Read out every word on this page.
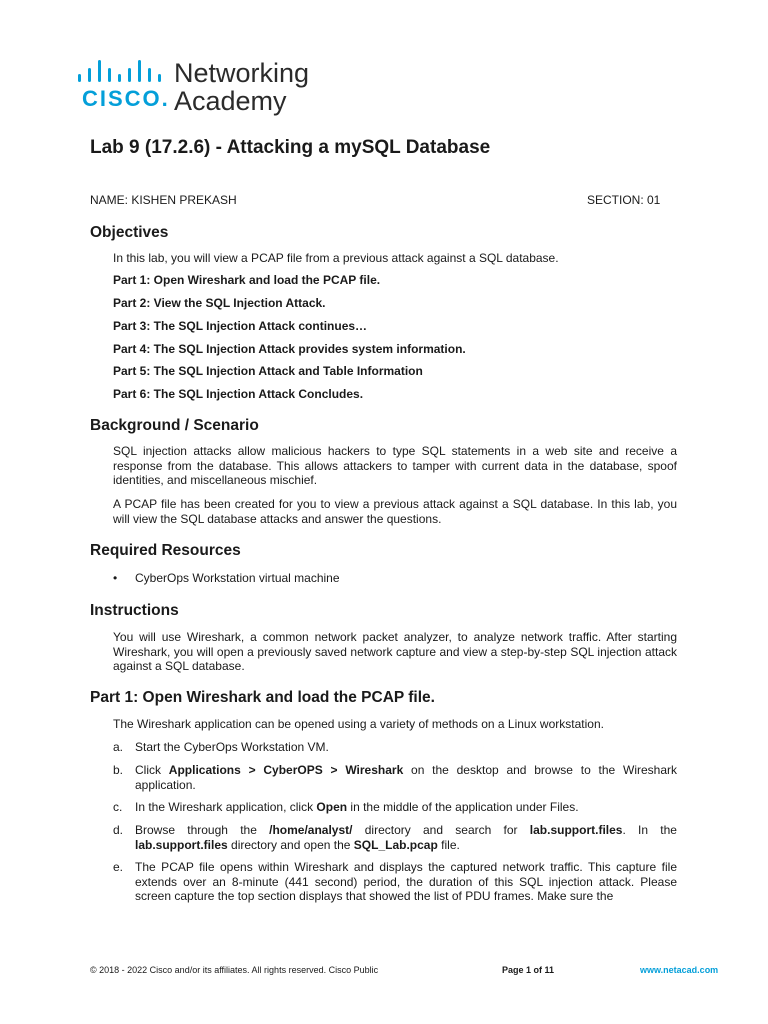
CISCO.
Networking
Academy
Lab 9 (17.2.6) - Attacking a mySQL Database
NAME: KISHEN PREKASH	SECTION: 01
Objectives

In this lab, you will view a PCAP file from a previous attack against a SQL database.

Part 1: Open Wireshark and load the PCAP file.
Part 2: View the SQL Injection Attack.
Part 3: The SQL Injection Attack continues…
Part 4: The SQL Injection Attack provides system information.
Part 5: The SQL Injection Attack and Table Information
Part 6: The SQL Injection Attack Concludes.
Background / Scenario

SQL injection attacks allow malicious hackers to type SQL statements in a web site and receive a response from the database. This allows attackers to tamper with current data in the database, spoof identities, and miscellaneous mischief.

A PCAP file has been created for you to view a previous attack against a SQL database. In this lab, you will view the SQL database attacks and answer the questions.

Required Resources
• CyberOps Workstation virtual machine
Instructions

You will use Wireshark, a common network packet analyzer, to analyze network traffic. After starting Wireshark, you will open a previously saved network capture and view a step-by-step SQL injection attack against a SQL database.

Part 1: Open Wireshark and load the PCAP file.

The Wireshark application can be opened using a variety of methods on a Linux workstation.

a. Start the CyberOps Workstation VM.
b. Click Applications > CyberOPS > Wireshark on the desktop and browse to the Wireshark application.
c. In the Wireshark application, click Open in the middle of the application under Files.
d. Browse through the /home/analyst/ directory and search for lab.support.files. In the lab.support.files directory and open the SQL_Lab.pcap file.
e. The PCAP file opens within Wireshark and displays the captured network traffic. This capture file extends over an 8-minute (441 second) period, the duration of this SQL injection attack. Please screen capture the top section displays that showed the list of PDU frames. Make sure the
© 2018 - 2022 Cisco and/or its affiliates. All rights reserved. Cisco Public	Page 1 of 11	www.netacad.com
